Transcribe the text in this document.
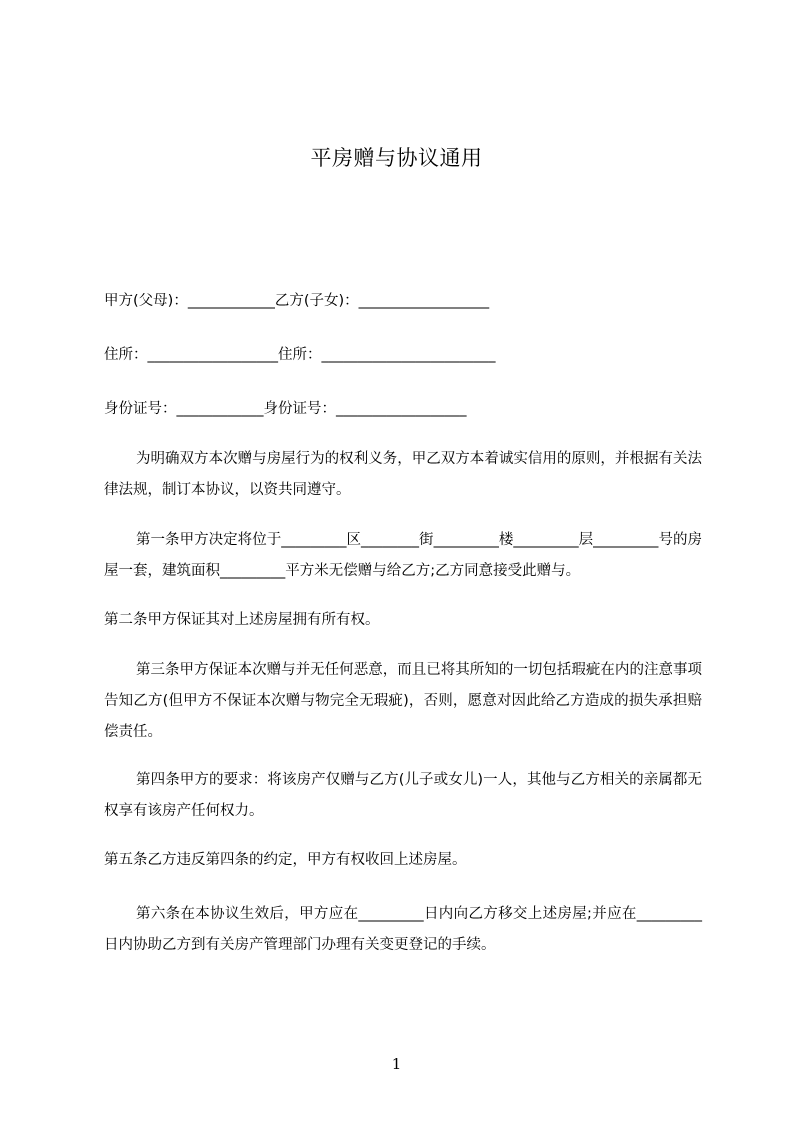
平房赠与协议通用
甲方(父母)：____________乙方(子女)：__________________
住所：__________________住所：________________________
身份证号：____________身份证号：__________________
为明确双方本次赠与房屋行为的权利义务，甲乙双方本着诚实信用的原则，并根据有关法律法规，制订本协议，以资共同遵守。
第一条甲方决定将位于_________区________街_________楼_________层_________号的房屋一套，建筑面积_________平方米无偿赠与给乙方;乙方同意接受此赠与。
第二条甲方保证其对上述房屋拥有所有权。
第三条甲方保证本次赠与并无任何恶意，而且已将其所知的一切包括瑕疵在内的注意事项告知乙方(但甲方不保证本次赠与物完全无瑕疵)，否则，愿意对因此给乙方造成的损失承担赔偿责任。
第四条甲方的要求：将该房产仅赠与乙方(儿子或女儿)一人，其他与乙方相关的亲属都无权享有该房产任何权力。
第五条乙方违反第四条的约定，甲方有权收回上述房屋。
第六条在本协议生效后，甲方应在_________日内向乙方移交上述房屋;并应在_________日内协助乙方到有关房产管理部门办理有关变更登记的手续。
1
